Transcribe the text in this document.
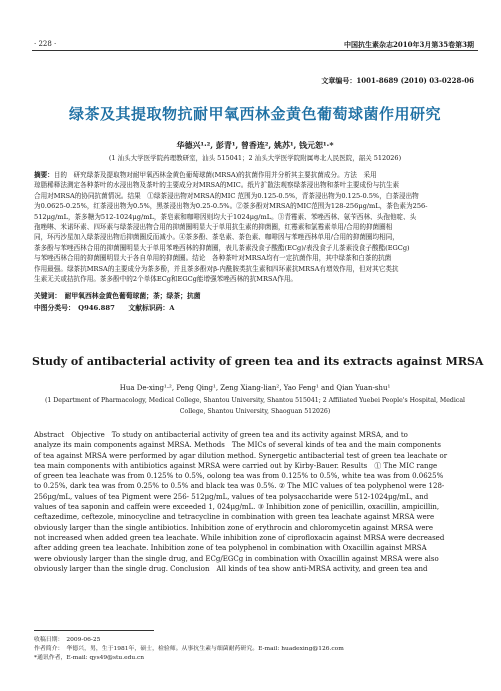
· 228 ·	中国抗生素杂志2010年3月第35卷第3期
文章编号：1001-8689 (2010) 03-0228-06
绿茶及其提取物抗耐甲氧西林金黄色葡萄球菌作用研究
华德兴¹·², 彭青¹, 曾香连², 姚苏¹, 钱元恕¹·*
(1 汕头大学医学院药理教研室，汕头 515041；2 汕头大学医学院附属粤北人民医院，韶关 512026)
摘要：目的　研究绿茶及提取物对耐甲氧西林金黄色葡萄球菌(MRSA)的抗菌作用并分析其主要抗菌成分。方法　采用
琼脂稀释法测定各种茶叶的水浸出物及茶叶的主要成分对MRSA的MIC。纸片扩散法观察绿茶浸出物和茶叶主要成份与抗生素
合用对MRSA的协同抗菌情况。结果　①绿茶浸出物对MRSA的MIC 范围为0.125-0.5%，青茶浸出物为0.125-0.5%，白茶浸出物
为0.0625-0.25%，红茶浸出物为0.5%，黑茶浸出物为0.25-0.5%。②茶多酚对MRSA的MIC范围为128-256μg/mL，茶色素为256-
512μg/mL，茶多糖为512-1024μg/mL，茶皂素和咖啡因则均大于1024μg/mL。③青霉素、苯唑西林、氨苄西林、头孢他啶、头
孢唑啉、米诺环素、四环素与绿茶浸出物合用的抑菌圈明显大于单用抗生素的抑菌圈，红霉素和氯霉素单用/合用的抑菌圈相
同，环丙沙星加入绿茶浸出物后抑菌圈反而减小。④茶多酚、茶皂素、茶色素、咖啡因与苯唑西林单用/合用的抑菌圈均相同，
茶多酚与苯唑西林合用的抑菌圈明显大于单用苯唑西林的抑菌圈，表儿茶素没食子酸酯(ECg)/表没食子儿茶素没食子酸酯(EGCg)
与苯唑西林合用的抑菌圈明显大于各自单用的抑菌圈。结论　各种茶叶对MRSA均有一定抗菌作用，其中绿茶和白茶的抗菌
作用最强。绿茶抗MRSA的主要成分为茶多酚，并且茶多酚对β-内酰胺类抗生素和四环素抗MRSA有增效作用，但对其它类抗
生素无关或拮抗作用。茶多酚中的2个单体ECg和EGCg能增强苯唑西林的抗MRSA作用。
关键词：　耐甲氧西林金黄色葡萄球菌；茶；绿茶；抗菌
中图分类号：　Q946.887　　文献标识码：A
Study of antibacterial activity of green tea and its extracts against MRSA
Hua De-xing¹·², Peng Qing¹, Zeng Xiang-lian², Yao Feng¹ and Qian Yuan-shu¹
(1 Department of Pharmacology, Medical College, Shantou University, Shantou 515041; 2 Affiliated Yuebei People's Hospital, Medical
College, Shantou University, Shaoguan 512026)
Abstract　Objective　To study on antibacterial activity of green tea and its activity against MRSA, and to
analyze its main components against MRSA. Methods　The MICs of several kinds of tea and the main components
of tea against MRSA were performed by agar dilution method. Synergetic antibacterial test of green tea leachate or
tea main components with antibiotics against MRSA were carried out by Kirby-Bauer. Results　① The MIC range
of green tea leachate was from 0.125% to 0.5%, oolong tea was from 0.125% to 0.5%, white tea was from 0.0625%
to 0.25%, dark tea was from 0.25% to 0.5% and black tea was 0.5%. ② The MIC values of tea polyphenol were 128-
256μg/mL, values of tea Pigment were 256- 512μg/mL, values of tea polysaccharide were 512-1024μg/mL, and
values of tea saponin and caffein were exceeded 1, 024μg/mL. ③ Inhibition zone of penicillin, oxacillin, ampicillin,
ceftazedime, ceftezole, minocycline and tetracycline in combination with green tea leachate against MRSA were
obviously larger than the single antibiotics. Inhibition zone of erythrocin and chloromycetin against MRSA were
not increased when added green tea leachate. While inhibition zone of ciprofloxacin against MRSA were decreased
after adding green tea leachate. Inhibition zone of tea polyphenol in combination with Oxacillin against MRSA
were obviously larger than the single drug, and ECg/EGCg in combination with Oxacillin against MRSA were also
obviously larger than the single drug. Conclusion　All kinds of tea show anti-MRSA activity, and green tea and
收稿日期：　2009-06-25
作者简介：　华德兴，男，生于1981年，硕士，检验师。从事抗生素与细菌耐药研究。E-mail: huadexing@126.com
*通讯作者，E-mail: qys49@stu.edu.cn
